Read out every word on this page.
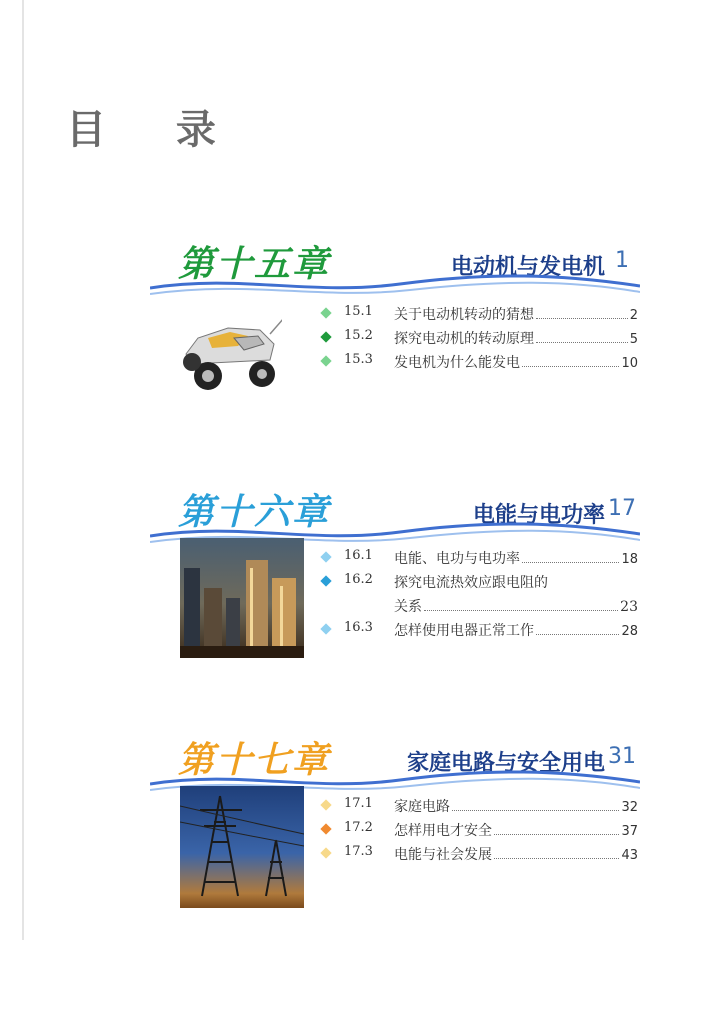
目 录
第十五章	电动机与发电机 1
15.1 关于电动机转动的猜想	2
15.2 探究电动机的转动原理	5
15.3 发电机为什么能发电	10
第十六章	电能与电功率 17
16.1 电能、电功与电功率	18
16.2 探究电流热效应跟电阻的
关系	23
16.3 怎样使用电器正常工作	28
第十七章	家庭电路与安全用电 31
17.1 家庭电路	32
17.2 怎样用电才安全	37
17.3 电能与社会发展	43
